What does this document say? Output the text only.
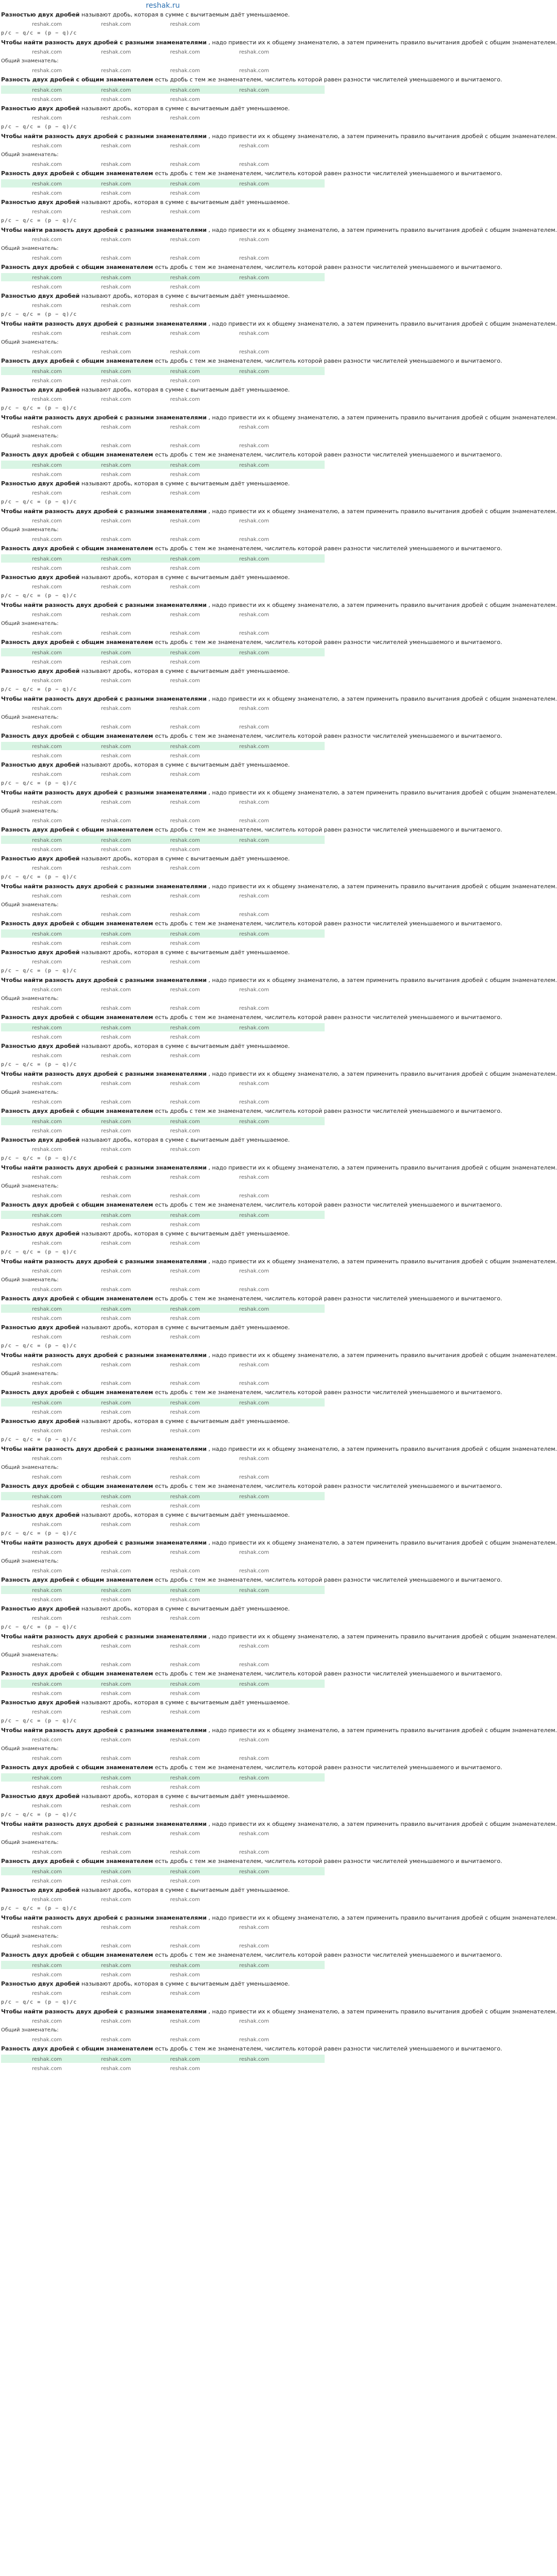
reshak.ru
Разностью двух дробей называют дробь, которая в сумме с вычитаемым даёт уменьшаемое.
reshak.com	reshak.com	reshak.com
p/c − q/c = (p − q)/c
Чтобы найти разность двух дробей с разными знаменателями , надо привести их к общему знаменателю, а затем применить правило вычитания дробей с общим знаменателем.
reshak.com	reshak.com	reshak.com	reshak.com
Общий знаменатель:
reshak.com	reshak.com	reshak.com	reshak.com
Разность двух дробей с общим знаменателем есть дробь с тем же знаменателем, числитель которой равен разности числителей уменьшаемого и вычитаемого.
reshak.com	reshak.com	reshak.com	reshak.com
reshak.com	reshak.com	reshak.com
Разностью двух дробей называют дробь, которая в сумме с вычитаемым даёт уменьшаемое.
reshak.com	reshak.com	reshak.com
p/c − q/c = (p − q)/c
Чтобы найти разность двух дробей с разными знаменателями , надо привести их к общему знаменателю, а затем применить правило вычитания дробей с общим знаменателем.
reshak.com	reshak.com	reshak.com	reshak.com
Общий знаменатель:
reshak.com	reshak.com	reshak.com	reshak.com
Разность двух дробей с общим знаменателем есть дробь с тем же знаменателем, числитель которой равен разности числителей уменьшаемого и вычитаемого.
reshak.com	reshak.com	reshak.com	reshak.com
reshak.com	reshak.com	reshak.com
Разностью двух дробей называют дробь, которая в сумме с вычитаемым даёт уменьшаемое.
reshak.com	reshak.com	reshak.com
p/c − q/c = (p − q)/c
Чтобы найти разность двух дробей с разными знаменателями , надо привести их к общему знаменателю, а затем применить правило вычитания дробей с общим знаменателем.
reshak.com	reshak.com	reshak.com	reshak.com
Общий знаменатель:
reshak.com	reshak.com	reshak.com	reshak.com
Разность двух дробей с общим знаменателем есть дробь с тем же знаменателем, числитель которой равен разности числителей уменьшаемого и вычитаемого.
reshak.com	reshak.com	reshak.com	reshak.com
reshak.com	reshak.com	reshak.com
Разностью двух дробей называют дробь, которая в сумме с вычитаемым даёт уменьшаемое.
reshak.com	reshak.com	reshak.com
p/c − q/c = (p − q)/c
Чтобы найти разность двух дробей с разными знаменателями , надо привести их к общему знаменателю, а затем применить правило вычитания дробей с общим знаменателем.
reshak.com	reshak.com	reshak.com	reshak.com
Общий знаменатель:
reshak.com	reshak.com	reshak.com	reshak.com
Разность двух дробей с общим знаменателем есть дробь с тем же знаменателем, числитель которой равен разности числителей уменьшаемого и вычитаемого.
reshak.com	reshak.com	reshak.com	reshak.com
reshak.com	reshak.com	reshak.com
Разностью двух дробей называют дробь, которая в сумме с вычитаемым даёт уменьшаемое.
reshak.com	reshak.com	reshak.com
p/c − q/c = (p − q)/c
Чтобы найти разность двух дробей с разными знаменателями , надо привести их к общему знаменателю, а затем применить правило вычитания дробей с общим знаменателем.
reshak.com	reshak.com	reshak.com	reshak.com
Общий знаменатель:
reshak.com	reshak.com	reshak.com	reshak.com
Разность двух дробей с общим знаменателем есть дробь с тем же знаменателем, числитель которой равен разности числителей уменьшаемого и вычитаемого.
reshak.com	reshak.com	reshak.com	reshak.com
reshak.com	reshak.com	reshak.com
Разностью двух дробей называют дробь, которая в сумме с вычитаемым даёт уменьшаемое.
reshak.com	reshak.com	reshak.com
p/c − q/c = (p − q)/c
Чтобы найти разность двух дробей с разными знаменателями , надо привести их к общему знаменателю, а затем применить правило вычитания дробей с общим знаменателем.
reshak.com	reshak.com	reshak.com	reshak.com
Общий знаменатель:
reshak.com	reshak.com	reshak.com	reshak.com
Разность двух дробей с общим знаменателем есть дробь с тем же знаменателем, числитель которой равен разности числителей уменьшаемого и вычитаемого.
reshak.com	reshak.com	reshak.com	reshak.com
reshak.com	reshak.com	reshak.com
Разностью двух дробей называют дробь, которая в сумме с вычитаемым даёт уменьшаемое.
reshak.com	reshak.com	reshak.com
p/c − q/c = (p − q)/c
Чтобы найти разность двух дробей с разными знаменателями , надо привести их к общему знаменателю, а затем применить правило вычитания дробей с общим знаменателем.
reshak.com	reshak.com	reshak.com	reshak.com
Общий знаменатель:
reshak.com	reshak.com	reshak.com	reshak.com
Разность двух дробей с общим знаменателем есть дробь с тем же знаменателем, числитель которой равен разности числителей уменьшаемого и вычитаемого.
reshak.com	reshak.com	reshak.com	reshak.com
reshak.com	reshak.com	reshak.com
Разностью двух дробей называют дробь, которая в сумме с вычитаемым даёт уменьшаемое.
reshak.com	reshak.com	reshak.com
p/c − q/c = (p − q)/c
Чтобы найти разность двух дробей с разными знаменателями , надо привести их к общему знаменателю, а затем применить правило вычитания дробей с общим знаменателем.
reshak.com	reshak.com	reshak.com	reshak.com
Общий знаменатель:
reshak.com	reshak.com	reshak.com	reshak.com
Разность двух дробей с общим знаменателем есть дробь с тем же знаменателем, числитель которой равен разности числителей уменьшаемого и вычитаемого.
reshak.com	reshak.com	reshak.com	reshak.com
reshak.com	reshak.com	reshak.com
Разностью двух дробей называют дробь, которая в сумме с вычитаемым даёт уменьшаемое.
reshak.com	reshak.com	reshak.com
p/c − q/c = (p − q)/c
Чтобы найти разность двух дробей с разными знаменателями , надо привести их к общему знаменателю, а затем применить правило вычитания дробей с общим знаменателем.
reshak.com	reshak.com	reshak.com	reshak.com
Общий знаменатель:
reshak.com	reshak.com	reshak.com	reshak.com
Разность двух дробей с общим знаменателем есть дробь с тем же знаменателем, числитель которой равен разности числителей уменьшаемого и вычитаемого.
reshak.com	reshak.com	reshak.com	reshak.com
reshak.com	reshak.com	reshak.com
Разностью двух дробей называют дробь, которая в сумме с вычитаемым даёт уменьшаемое.
reshak.com	reshak.com	reshak.com
p/c − q/c = (p − q)/c
Чтобы найти разность двух дробей с разными знаменателями , надо привести их к общему знаменателю, а затем применить правило вычитания дробей с общим знаменателем.
reshak.com	reshak.com	reshak.com	reshak.com
Общий знаменатель:
reshak.com	reshak.com	reshak.com	reshak.com
Разность двух дробей с общим знаменателем есть дробь с тем же знаменателем, числитель которой равен разности числителей уменьшаемого и вычитаемого.
reshak.com	reshak.com	reshak.com	reshak.com
reshak.com	reshak.com	reshak.com
Разностью двух дробей называют дробь, которая в сумме с вычитаемым даёт уменьшаемое.
reshak.com	reshak.com	reshak.com
p/c − q/c = (p − q)/c
Чтобы найти разность двух дробей с разными знаменателями , надо привести их к общему знаменателю, а затем применить правило вычитания дробей с общим знаменателем.
reshak.com	reshak.com	reshak.com	reshak.com
Общий знаменатель:
reshak.com	reshak.com	reshak.com	reshak.com
Разность двух дробей с общим знаменателем есть дробь с тем же знаменателем, числитель которой равен разности числителей уменьшаемого и вычитаемого.
reshak.com	reshak.com	reshak.com	reshak.com
reshak.com	reshak.com	reshak.com
Разностью двух дробей называют дробь, которая в сумме с вычитаемым даёт уменьшаемое.
reshak.com	reshak.com	reshak.com
p/c − q/c = (p − q)/c
Чтобы найти разность двух дробей с разными знаменателями , надо привести их к общему знаменателю, а затем применить правило вычитания дробей с общим знаменателем.
reshak.com	reshak.com	reshak.com	reshak.com
Общий знаменатель:
reshak.com	reshak.com	reshak.com	reshak.com
Разность двух дробей с общим знаменателем есть дробь с тем же знаменателем, числитель которой равен разности числителей уменьшаемого и вычитаемого.
reshak.com	reshak.com	reshak.com	reshak.com
reshak.com	reshak.com	reshak.com
Разностью двух дробей называют дробь, которая в сумме с вычитаемым даёт уменьшаемое.
reshak.com	reshak.com	reshak.com
p/c − q/c = (p − q)/c
Чтобы найти разность двух дробей с разными знаменателями , надо привести их к общему знаменателю, а затем применить правило вычитания дробей с общим знаменателем.
reshak.com	reshak.com	reshak.com	reshak.com
Общий знаменатель:
reshak.com	reshak.com	reshak.com	reshak.com
Разность двух дробей с общим знаменателем есть дробь с тем же знаменателем, числитель которой равен разности числителей уменьшаемого и вычитаемого.
reshak.com	reshak.com	reshak.com	reshak.com
reshak.com	reshak.com	reshak.com
Разностью двух дробей называют дробь, которая в сумме с вычитаемым даёт уменьшаемое.
reshak.com	reshak.com	reshak.com
p/c − q/c = (p − q)/c
Чтобы найти разность двух дробей с разными знаменателями , надо привести их к общему знаменателю, а затем применить правило вычитания дробей с общим знаменателем.
reshak.com	reshak.com	reshak.com	reshak.com
Общий знаменатель:
reshak.com	reshak.com	reshak.com	reshak.com
Разность двух дробей с общим знаменателем есть дробь с тем же знаменателем, числитель которой равен разности числителей уменьшаемого и вычитаемого.
reshak.com	reshak.com	reshak.com	reshak.com
reshak.com	reshak.com	reshak.com
Разностью двух дробей называют дробь, которая в сумме с вычитаемым даёт уменьшаемое.
reshak.com	reshak.com	reshak.com
p/c − q/c = (p − q)/c
Чтобы найти разность двух дробей с разными знаменателями , надо привести их к общему знаменателю, а затем применить правило вычитания дробей с общим знаменателем.
reshak.com	reshak.com	reshak.com	reshak.com
Общий знаменатель:
reshak.com	reshak.com	reshak.com	reshak.com
Разность двух дробей с общим знаменателем есть дробь с тем же знаменателем, числитель которой равен разности числителей уменьшаемого и вычитаемого.
reshak.com	reshak.com	reshak.com	reshak.com
reshak.com	reshak.com	reshak.com
Разностью двух дробей называют дробь, которая в сумме с вычитаемым даёт уменьшаемое.
reshak.com	reshak.com	reshak.com
p/c − q/c = (p − q)/c
Чтобы найти разность двух дробей с разными знаменателями , надо привести их к общему знаменателю, а затем применить правило вычитания дробей с общим знаменателем.
reshak.com	reshak.com	reshak.com	reshak.com
Общий знаменатель:
reshak.com	reshak.com	reshak.com	reshak.com
Разность двух дробей с общим знаменателем есть дробь с тем же знаменателем, числитель которой равен разности числителей уменьшаемого и вычитаемого.
reshak.com	reshak.com	reshak.com	reshak.com
reshak.com	reshak.com	reshak.com
Разностью двух дробей называют дробь, которая в сумме с вычитаемым даёт уменьшаемое.
reshak.com	reshak.com	reshak.com
p/c − q/c = (p − q)/c
Чтобы найти разность двух дробей с разными знаменателями , надо привести их к общему знаменателю, а затем применить правило вычитания дробей с общим знаменателем.
reshak.com	reshak.com	reshak.com	reshak.com
Общий знаменатель:
reshak.com	reshak.com	reshak.com	reshak.com
Разность двух дробей с общим знаменателем есть дробь с тем же знаменателем, числитель которой равен разности числителей уменьшаемого и вычитаемого.
reshak.com	reshak.com	reshak.com	reshak.com
reshak.com	reshak.com	reshak.com
Разностью двух дробей называют дробь, которая в сумме с вычитаемым даёт уменьшаемое.
reshak.com	reshak.com	reshak.com
p/c − q/c = (p − q)/c
Чтобы найти разность двух дробей с разными знаменателями , надо привести их к общему знаменателю, а затем применить правило вычитания дробей с общим знаменателем.
reshak.com	reshak.com	reshak.com	reshak.com
Общий знаменатель:
reshak.com	reshak.com	reshak.com	reshak.com
Разность двух дробей с общим знаменателем есть дробь с тем же знаменателем, числитель которой равен разности числителей уменьшаемого и вычитаемого.
reshak.com	reshak.com	reshak.com	reshak.com
reshak.com	reshak.com	reshak.com
Разностью двух дробей называют дробь, которая в сумме с вычитаемым даёт уменьшаемое.
reshak.com	reshak.com	reshak.com
p/c − q/c = (p − q)/c
Чтобы найти разность двух дробей с разными знаменателями , надо привести их к общему знаменателю, а затем применить правило вычитания дробей с общим знаменателем.
reshak.com	reshak.com	reshak.com	reshak.com
Общий знаменатель:
reshak.com	reshak.com	reshak.com	reshak.com
Разность двух дробей с общим знаменателем есть дробь с тем же знаменателем, числитель которой равен разности числителей уменьшаемого и вычитаемого.
reshak.com	reshak.com	reshak.com	reshak.com
reshak.com	reshak.com	reshak.com
Разностью двух дробей называют дробь, которая в сумме с вычитаемым даёт уменьшаемое.
reshak.com	reshak.com	reshak.com
p/c − q/c = (p − q)/c
Чтобы найти разность двух дробей с разными знаменателями , надо привести их к общему знаменателю, а затем применить правило вычитания дробей с общим знаменателем.
reshak.com	reshak.com	reshak.com	reshak.com
Общий знаменатель:
reshak.com	reshak.com	reshak.com	reshak.com
Разность двух дробей с общим знаменателем есть дробь с тем же знаменателем, числитель которой равен разности числителей уменьшаемого и вычитаемого.
reshak.com	reshak.com	reshak.com	reshak.com
reshak.com	reshak.com	reshak.com
Разностью двух дробей называют дробь, которая в сумме с вычитаемым даёт уменьшаемое.
reshak.com	reshak.com	reshak.com
p/c − q/c = (p − q)/c
Чтобы найти разность двух дробей с разными знаменателями , надо привести их к общему знаменателю, а затем применить правило вычитания дробей с общим знаменателем.
reshak.com	reshak.com	reshak.com	reshak.com
Общий знаменатель:
reshak.com	reshak.com	reshak.com	reshak.com
Разность двух дробей с общим знаменателем есть дробь с тем же знаменателем, числитель которой равен разности числителей уменьшаемого и вычитаемого.
reshak.com	reshak.com	reshak.com	reshak.com
reshak.com	reshak.com	reshak.com
Разностью двух дробей называют дробь, которая в сумме с вычитаемым даёт уменьшаемое.
reshak.com	reshak.com	reshak.com
p/c − q/c = (p − q)/c
Чтобы найти разность двух дробей с разными знаменателями , надо привести их к общему знаменателю, а затем применить правило вычитания дробей с общим знаменателем.
reshak.com	reshak.com	reshak.com	reshak.com
Общий знаменатель:
reshak.com	reshak.com	reshak.com	reshak.com
Разность двух дробей с общим знаменателем есть дробь с тем же знаменателем, числитель которой равен разности числителей уменьшаемого и вычитаемого.
reshak.com	reshak.com	reshak.com	reshak.com
reshak.com	reshak.com	reshak.com
